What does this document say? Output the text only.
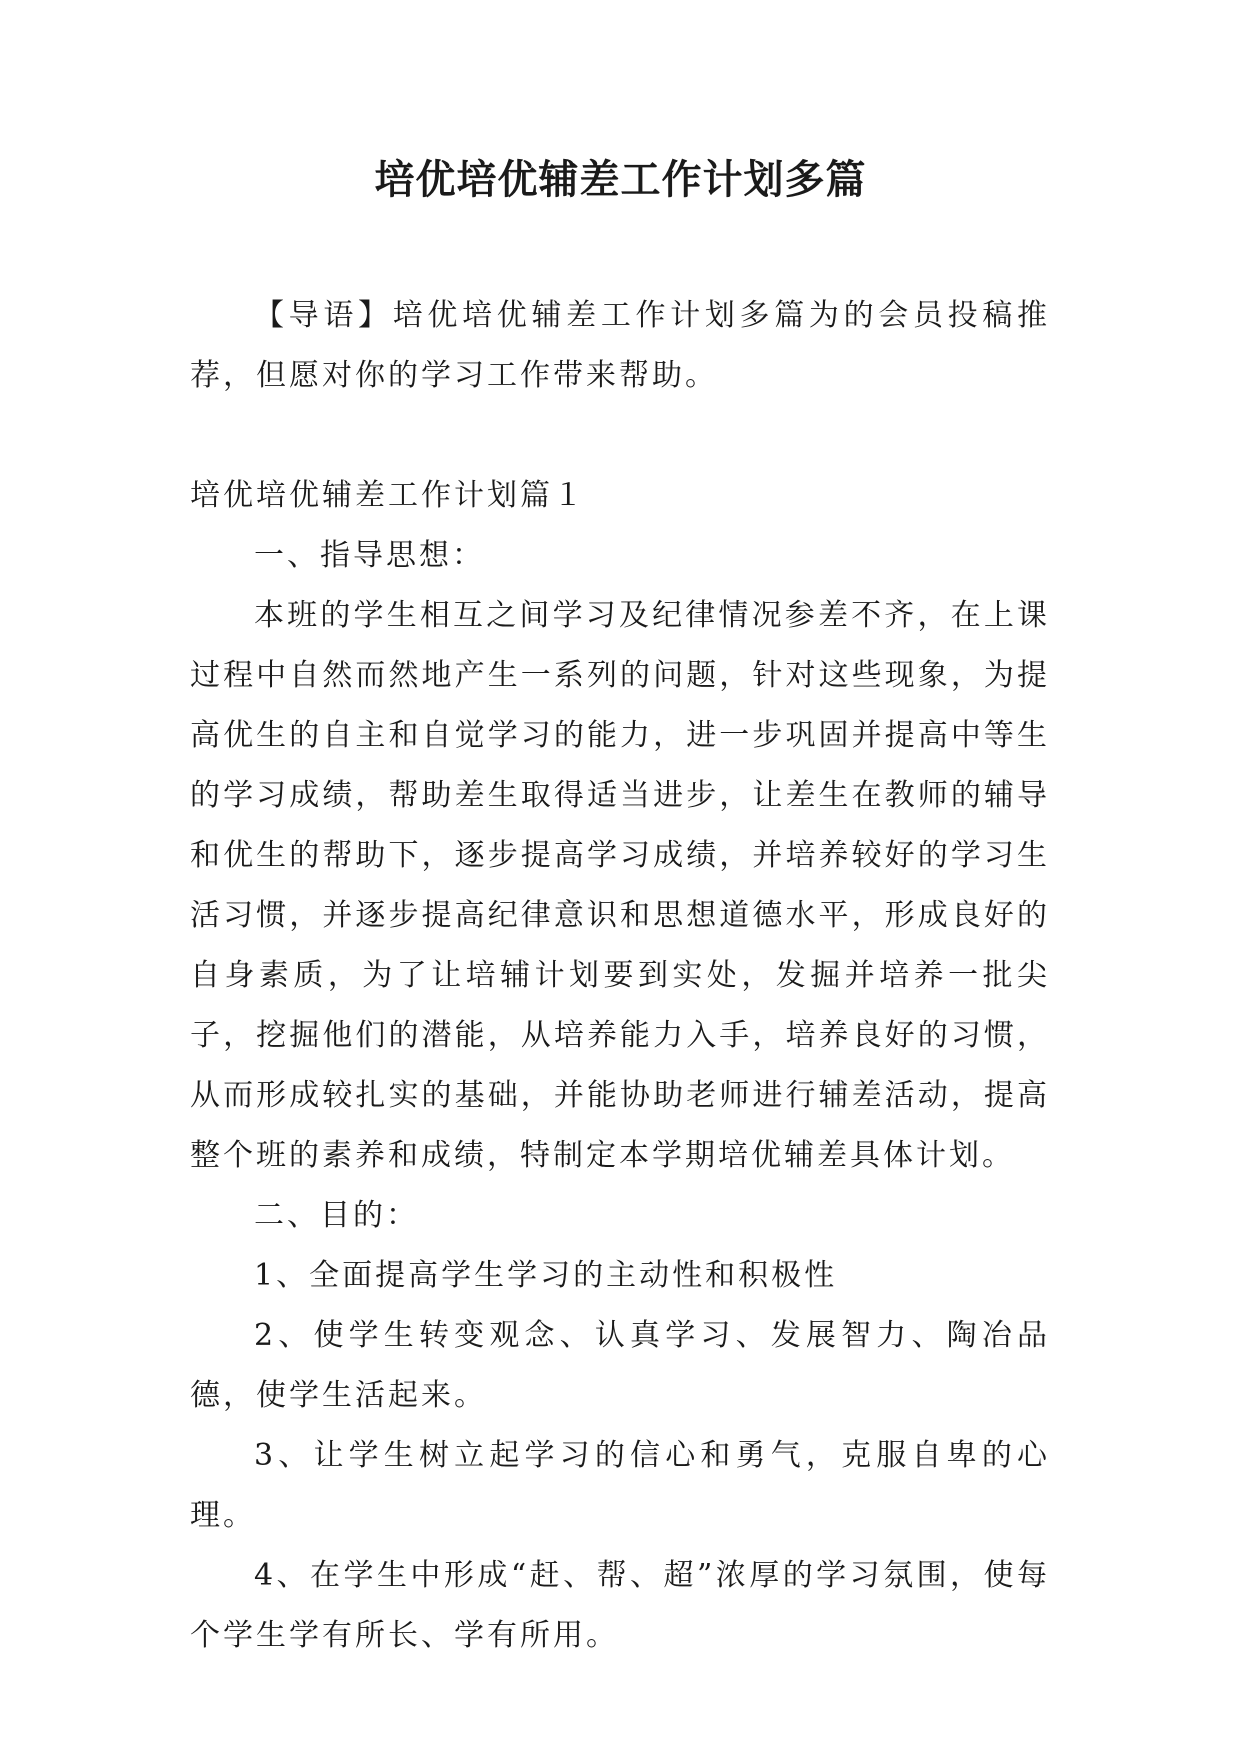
培优培优辅差工作计划多篇

【导语】培优培优辅差工作计划多篇为的会员投稿推荐，但愿对你的学习工作带来帮助。

培优培优辅差工作计划篇１

一、指导思想：

本班的学生相互之间学习及纪律情况参差不齐，在上课过程中自然而然地产生一系列的问题，针对这些现象，为提高优生的自主和自觉学习的能力，进一步巩固并提高中等生的学习成绩，帮助差生取得适当进步，让差生在教师的辅导和优生的帮助下，逐步提高学习成绩，并培养较好的学习生活习惯，并逐步提高纪律意识和思想道德水平，形成良好的自身素质，为了让培辅计划要到实处，发掘并培养一批尖子，挖掘他们的潜能，从培养能力入手，培养良好的习惯，从而形成较扎实的基础，并能协助老师进行辅差活动，提高整个班的素养和成绩，特制定本学期培优辅差具体计划。

二、目的：

1、全面提高学生学习的主动性和积极性

2、使学生转变观念、认真学习、发展智力、陶冶品德，使学生活起来。

3、让学生树立起学习的信心和勇气，克服自卑的心理。

4、在学生中形成“赶、帮、超”浓厚的学习氛围，使每个学生学有所长、学有所用。
